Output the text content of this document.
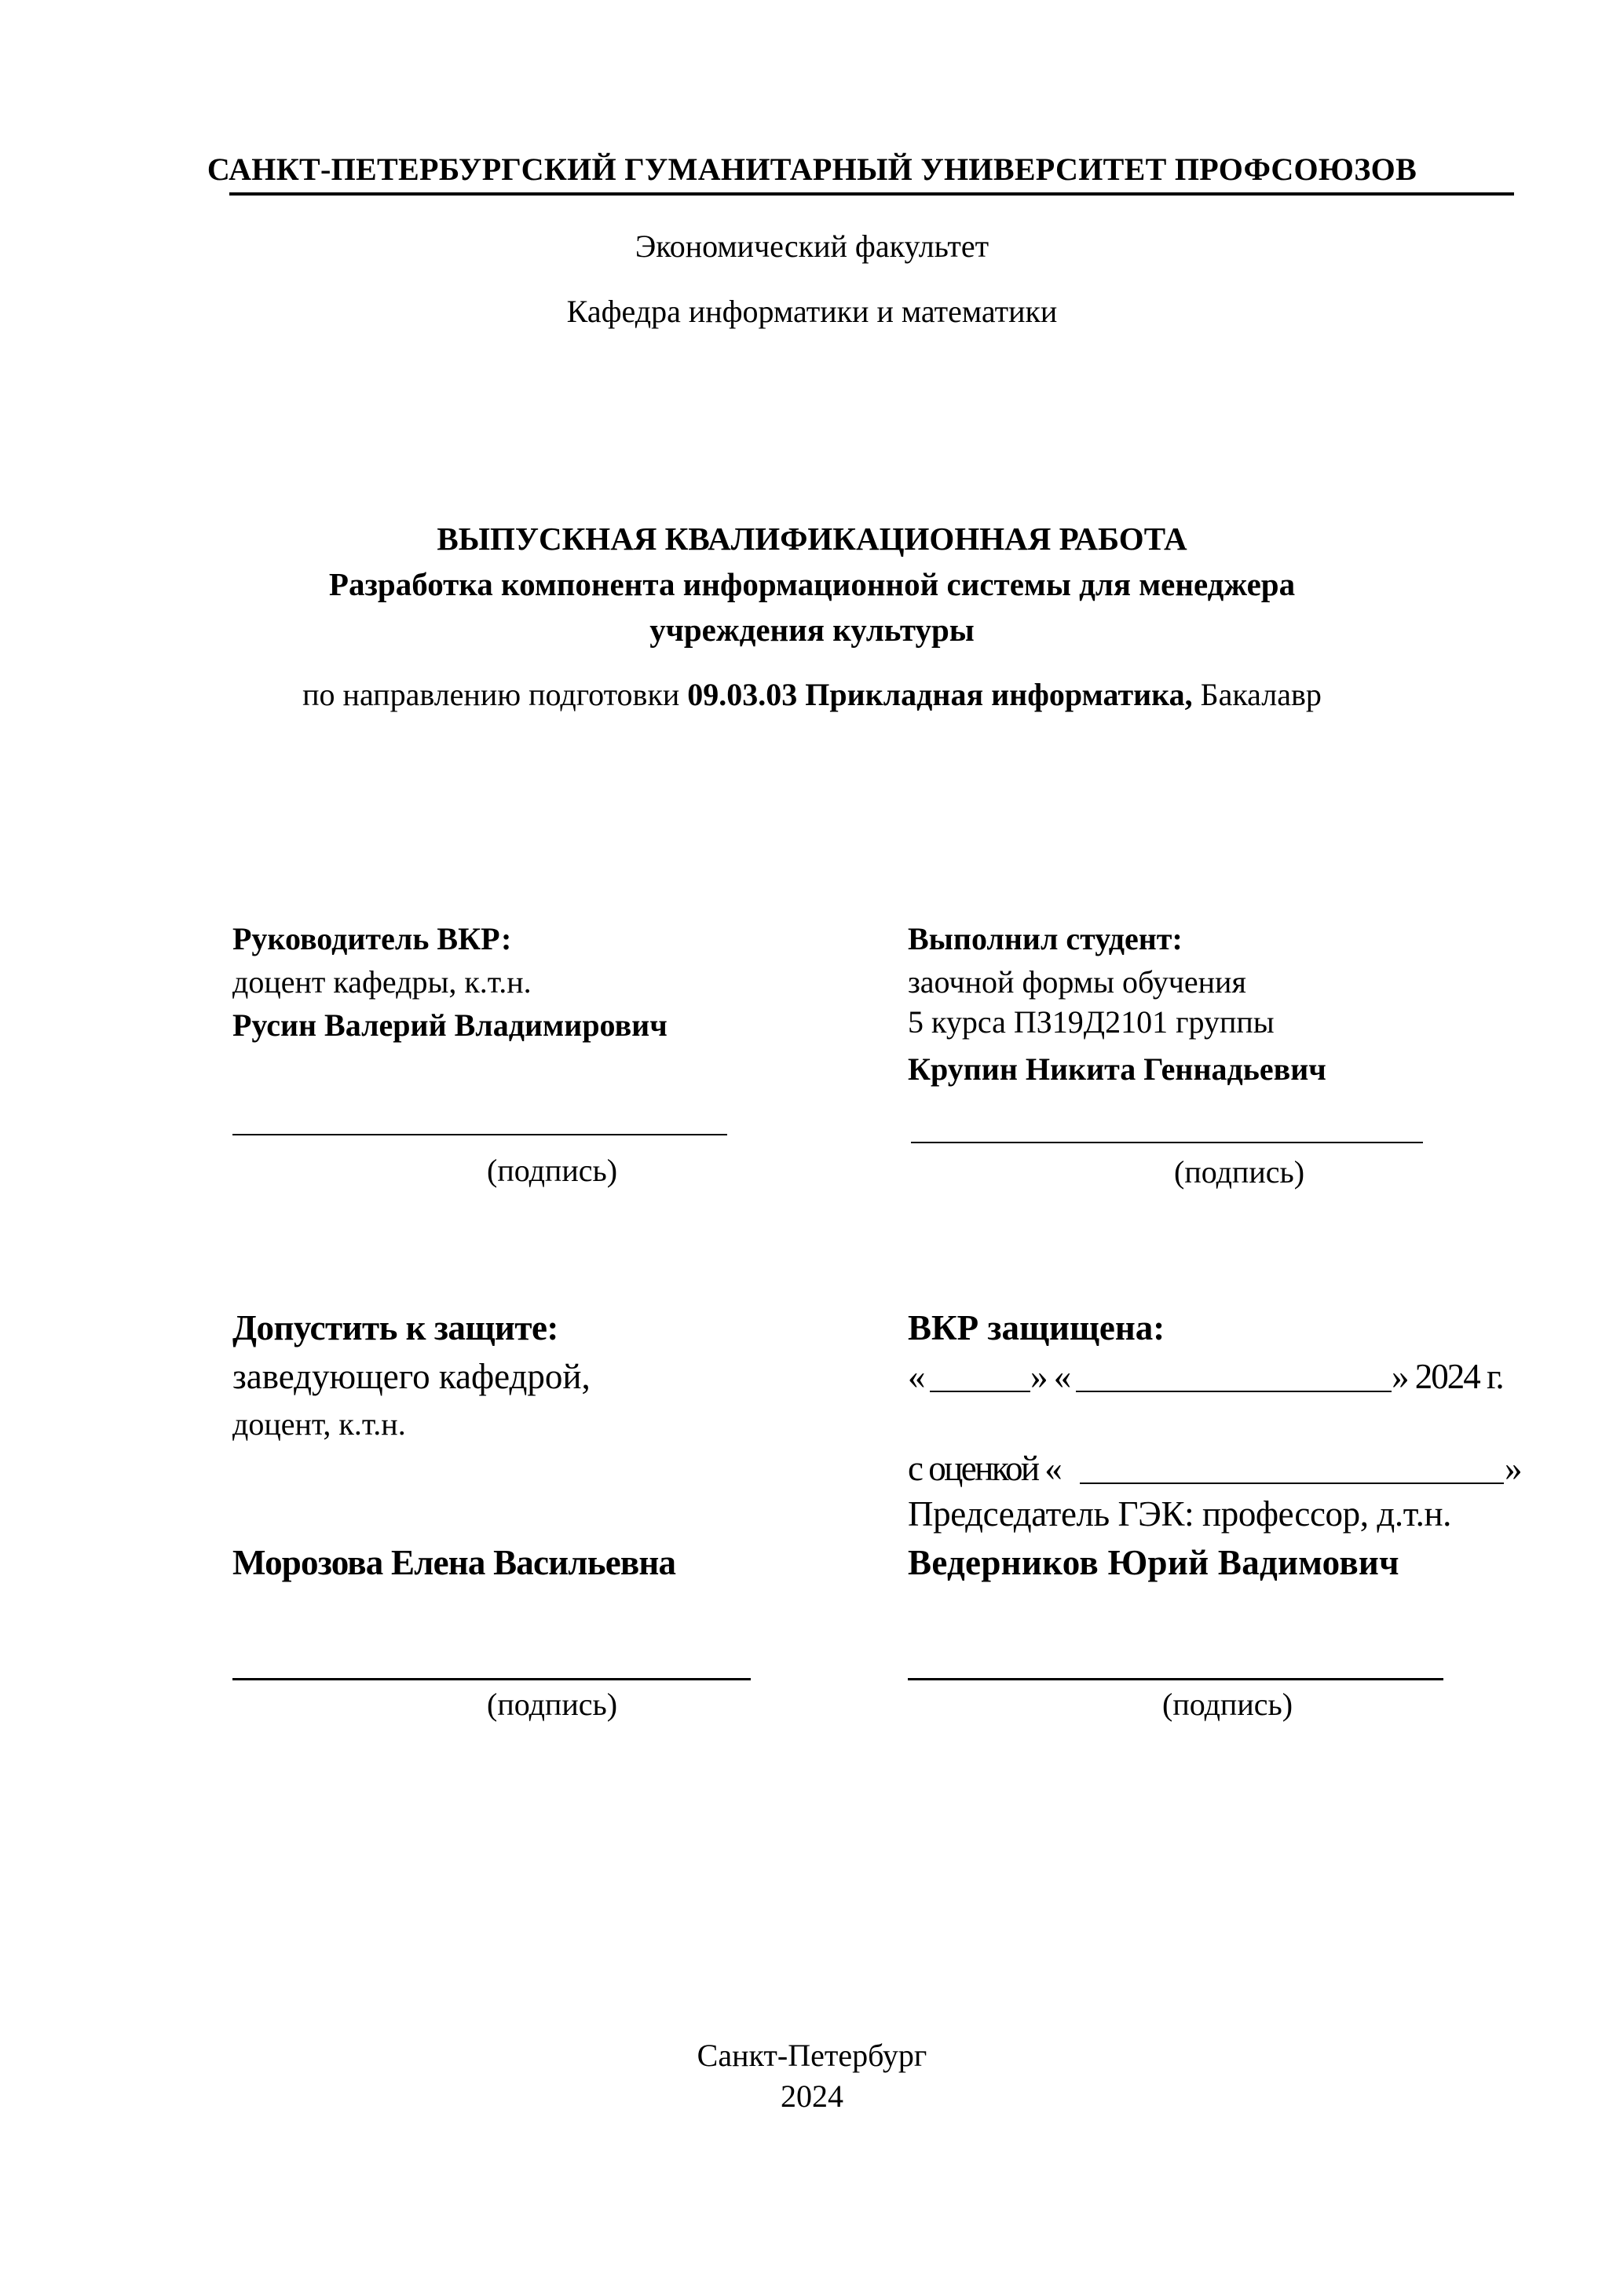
САНКТ-ПЕТЕРБУРГСКИЙ ГУМАНИТАРНЫЙ УНИВЕРСИТЕТ ПРОФСОЮЗОВ
Экономический факультет
Кафедра информатики и математики
ВЫПУСКНАЯ КВАЛИФИКАЦИОННАЯ РАБОТА
Разработка компонента информационной системы для менеджера
учреждения культуры
по направлению подготовки 09.03.03 Прикладная информатика, Бакалавр
Руководитель ВКР:
доцент кафедры, к.т.н.
Русин Валерий Владимирович
(подпись)
Выполнил студент:
заочной формы обучения
5 курса ПЗ19Д2101 группы
Крупин Никита Геннадьевич
(подпись)
Допустить к защите:
заведующего кафедрой,
доцент, к.т.н.
Морозова Елена Васильевна
(подпись)
ВКР защищена:
«	» «	» 2024 г.
с оценкой «	»
Председатель ГЭК: профессор, д.т.н.
Ведерников Юрий Вадимович
(подпись)
Санкт-Петербург
2024
